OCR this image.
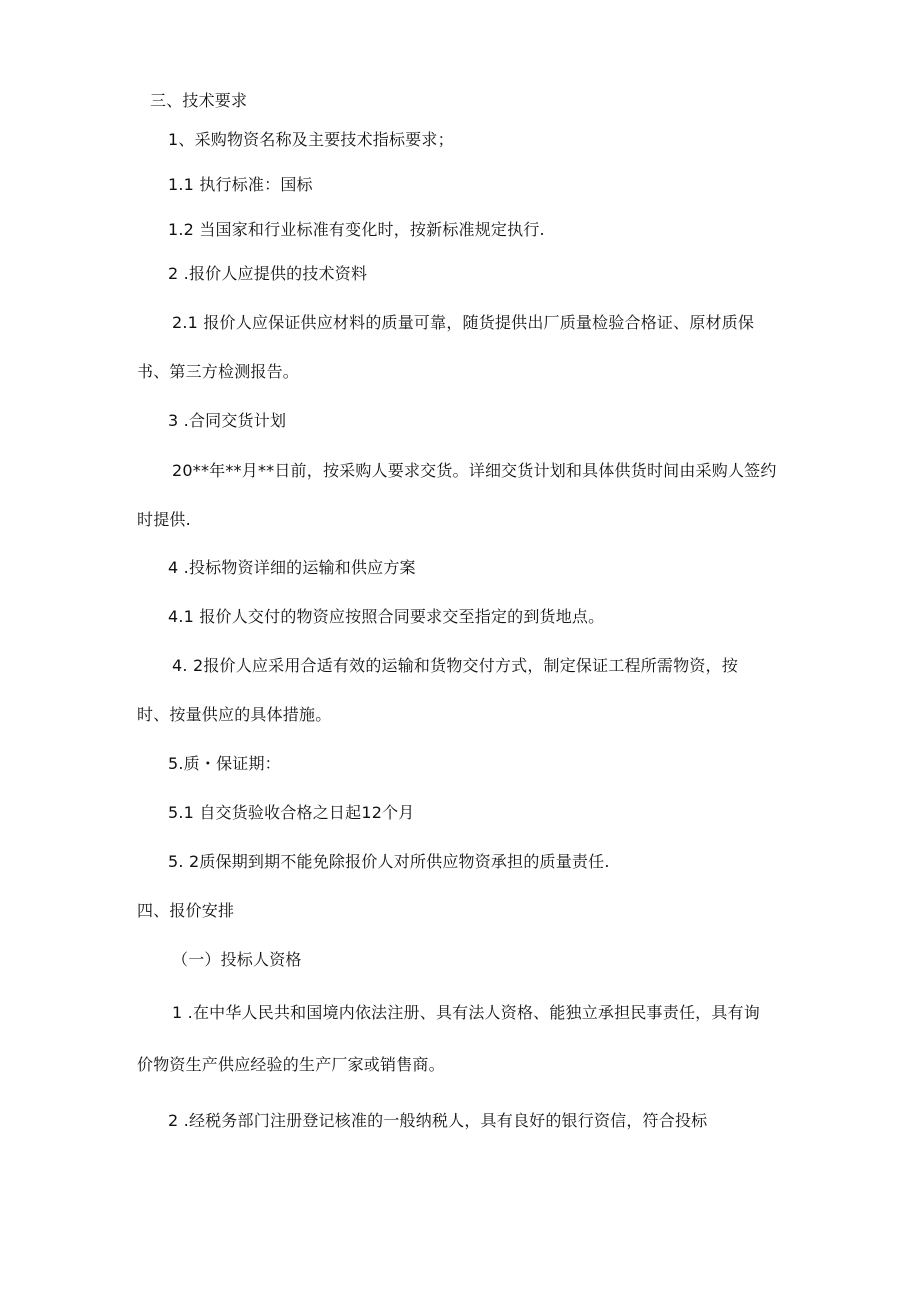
三、技术要求
1、采购物资名称及主要技术指标要求；
1.1 执行标准：国标
1.2 当国家和行业标准有变化时，按新标准规定执行.
2 .报价人应提供的技术资料
2.1 报价人应保证供应材料的质量可靠，随货提供出厂质量检验合格证、原材质保
书、第三方检测报告。
3 .合同交货计划
20**年**月**日前，按采购人要求交货。详细交货计划和具体供货时间由采购人签约
时提供.
4 .投标物资详细的运输和供应方案
4.1 报价人交付的物资应按照合同要求交至指定的到货地点。
4. 2报价人应采用合适有效的运输和货物交付方式，制定保证工程所需物资，按
时、按量供应的具体措施。
5.质・保证期：
5.1 自交货验收合格之日起12个月
5. 2质保期到期不能免除报价人对所供应物资承担的质量责任.
四、报价安排
（一）投标人资格
1 .在中华人民共和国境内依法注册、具有法人资格、能独立承担民事责任，具有询
价物资生产供应经验的生产厂家或销售商。
2 .经税务部门注册登记核准的一般纳税人，具有良好的银行资信，符合投标
